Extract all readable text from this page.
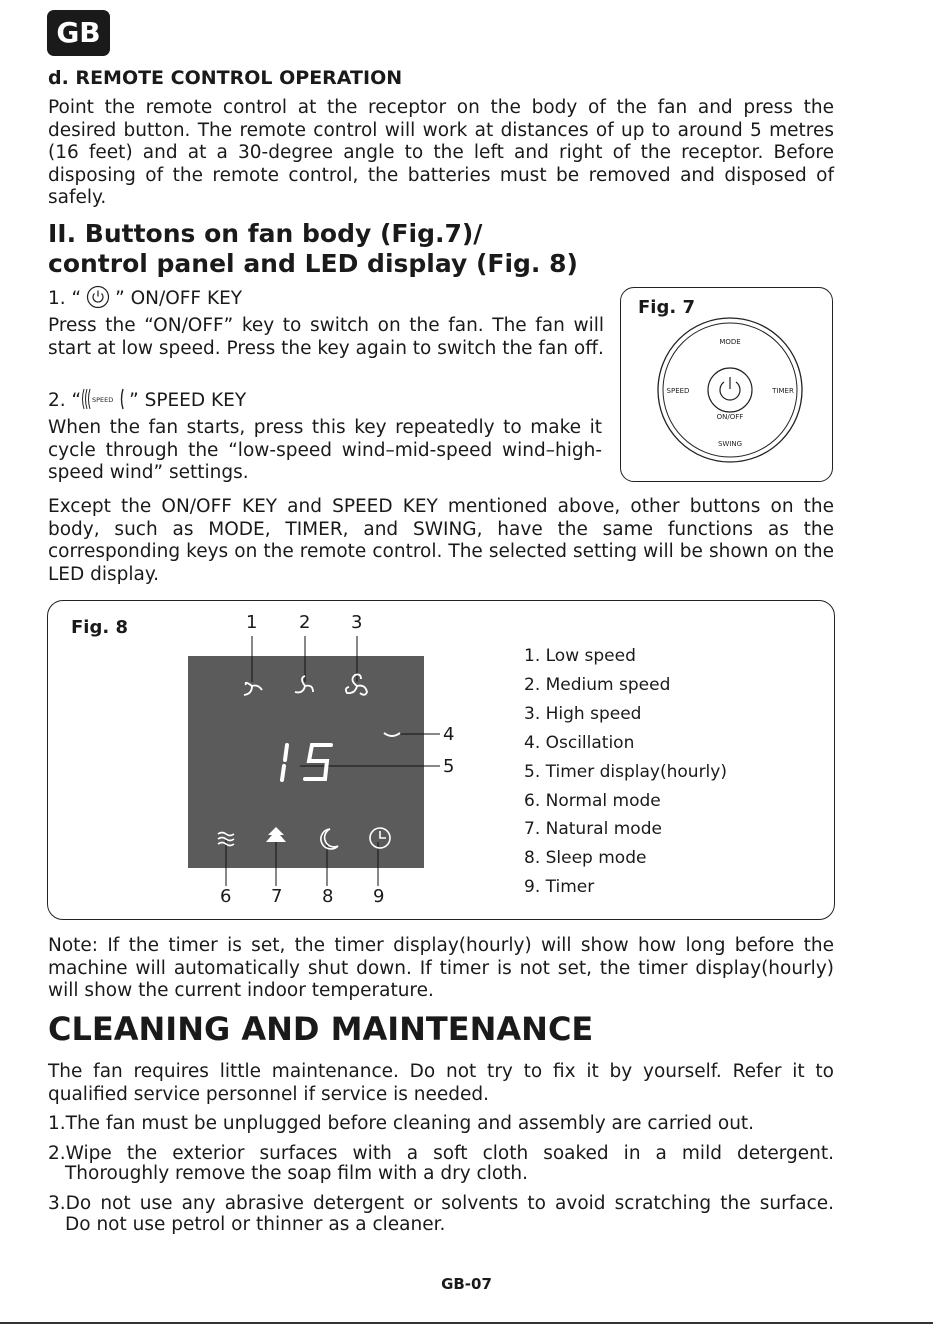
GB
d. REMOTE CONTROL OPERATION
Point the remote control at the receptor on the body of the fan and press the desired button. The remote control will work at distances of up to around 5 metres (16 feet) and at a 30-degree angle to the left and right of the receptor. Before disposing of the remote control, the batteries must be removed and disposed of safely.
II. Buttons on fan body (Fig.7)/
control panel and LED display (Fig. 8)
1. “ ” ON/OFF KEY
Press the “ON/OFF” key to switch on the fan. The fan will start at low speed. Press the key again to switch the fan off.
2. “ SPEED ” SPEED KEY
When the fan starts, press this key repeatedly to make it cycle through the “low-speed wind–mid-speed wind–high-speed wind” settings.
Fig. 7
MODE
SPEED	TIMER
ON/OFF
SWING
Except the ON/OFF KEY and SPEED KEY mentioned above, other buttons on the body, such as MODE, TIMER, and SWING, have the same functions as the corresponding keys on the remote control. The selected setting will be shown on the LED display.
Fig. 8	1 2 3
4
5
6 7 8 9
15
1. Low speed
2. Medium speed
3. High speed
4. Oscillation
5. Timer display(hourly)
6. Normal mode
7. Natural mode
8. Sleep mode
9. Timer
Note: If the timer is set, the timer display(hourly) will show how long before the machine will automatically shut down. If timer is not set, the timer display(hourly) will show the current indoor temperature.
CLEANING AND MAINTENANCE
The fan requires little maintenance. Do not try to fix it by yourself. Refer it to qualified service personnel if service is needed.
1.The fan must be unplugged before cleaning and assembly are carried out.
2.Wipe the exterior surfaces with a soft cloth soaked in a mild detergent.
Thoroughly remove the soap film with a dry cloth.
3.Do not use any abrasive detergent or solvents to avoid scratching the surface.
Do not use petrol or thinner as a cleaner.
GB-07
